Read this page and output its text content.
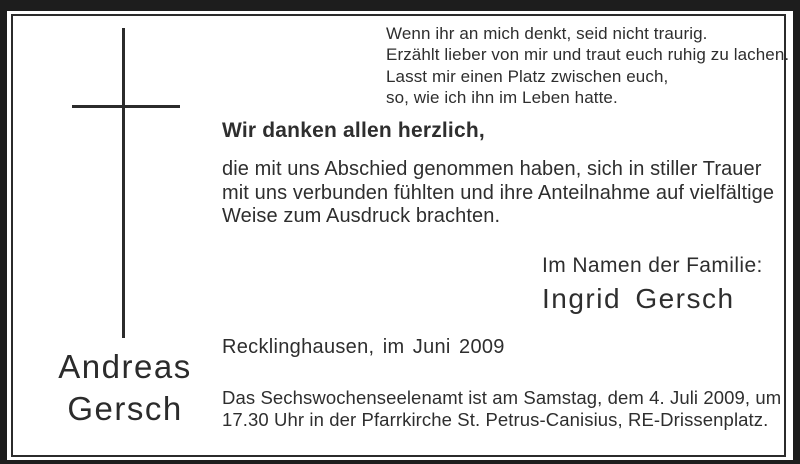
Wenn ihr an mich denkt, seid nicht traurig.
Erzählt lieber von mir und traut euch ruhig zu lachen.
Lasst mir einen Platz zwischen euch,
so, wie ich ihn im Leben hatte.
Wir danken allen herzlich,
die mit uns Abschied genommen haben, sich in stiller Trauer
mit uns verbunden fühlten und ihre Anteilnahme auf vielfältige
Weise zum Ausdruck brachten.
Im Namen der Familie:
Ingrid Gersch
Andreas
Gersch
Recklinghausen, im Juni 2009
Das Sechswochenseelenamt ist am Samstag, dem 4. Juli 2009, um
17.30 Uhr in der Pfarrkirche St. Petrus-Canisius, RE-Drissenplatz.
